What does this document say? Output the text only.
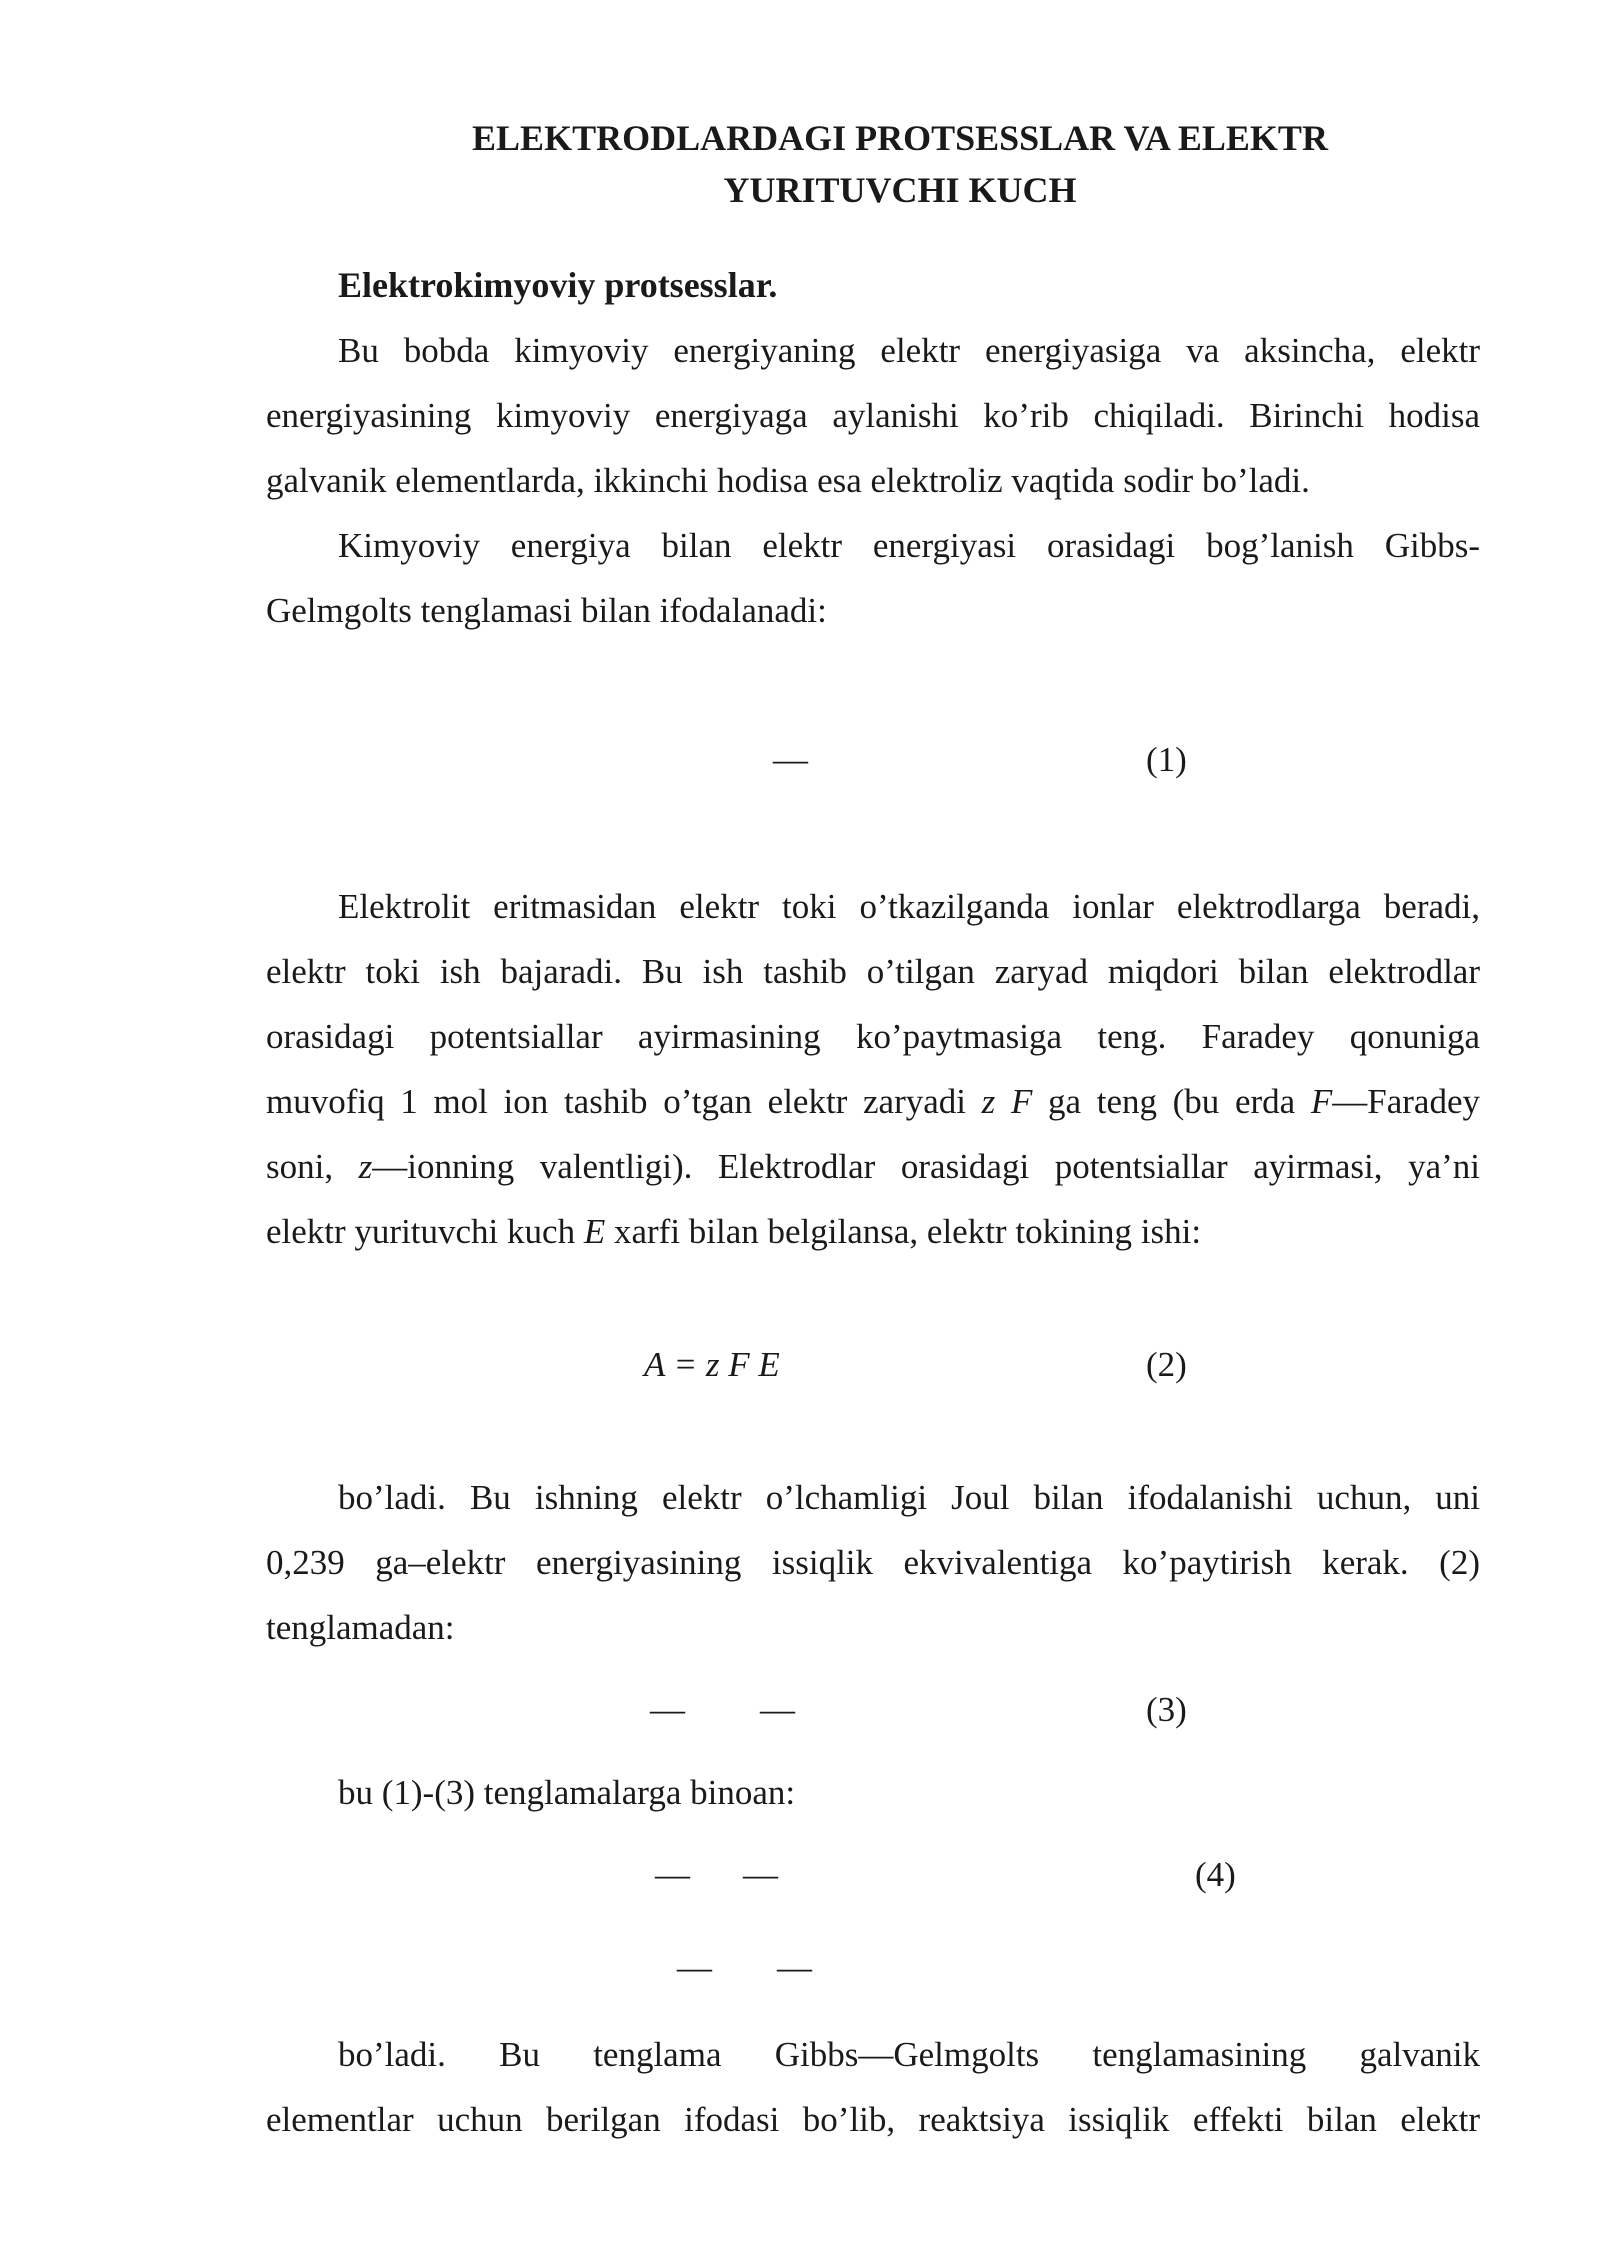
ELEKTRODLARDAGI PROTSESSLAR VA ELEKTR
YURITUVCHI KUCH
Elektrokimyoviy protsesslar.
Bu bobda kimyoviy energiyaning elektr energiyasiga va aksincha, elektr
energiyasining kimyoviy energiyaga aylanishi ko’rib chiqiladi. Birinchi hodisa
galvanik elementlarda, ikkinchi hodisa esa elektroliz vaqtida sodir bo’ladi.
Kimyoviy energiya bilan elektr energiyasi orasidagi bog’lanish Gibbs-
Gelmgolts tenglamasi bilan ifodalanadi:
—	(1)
Elektrolit eritmasidan elektr toki o’tkazilganda ionlar elektrodlarga beradi,
elektr toki ish bajaradi. Bu ish tashib o’tilgan zaryad miqdori bilan elektrodlar
orasidagi potentsiallar ayirmasining ko’paytmasiga teng. Faradey qonuniga
muvofiq 1 mol ion tashib o’tgan elektr zaryadi z F ga teng (bu erda F—Faradey
soni, z—ionning valentligi). Elektrodlar orasidagi potentsiallar ayirmasi, ya’ni
elektr yurituvchi kuch E xarfi bilan belgilansa, elektr tokining ishi:
A = z F E	(2)
bo’ladi. Bu ishning elektr o’lchamligi Joul bilan ifodalanishi uchun, uni
0,239 ga–elektr energiyasining issiqlik ekvivalentiga ko’paytirish kerak. (2)
tenglamadan:
— —	(3)
bu (1)-(3) tenglamalarga binoan:
— —	(4)
— —
bo’ladi. Bu tenglama Gibbs—Gelmgolts tenglamasining galvanik
elementlar uchun berilgan ifodasi bo’lib, reaktsiya issiqlik effekti bilan elektr
